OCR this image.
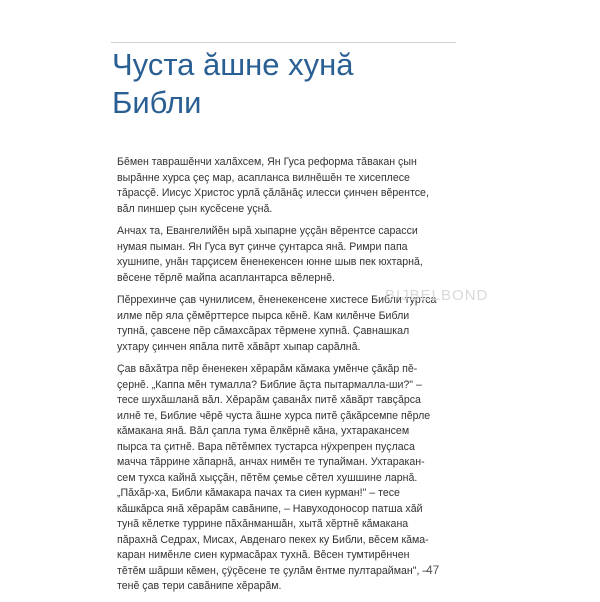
Чуста ăшне хунă
Библи
Бĕмен таврашĕнчи халăхсем, Ян Гуса реформа тăвакан çын
вырăнне хурса çеç мар, асапланса вилнĕшĕн те хисеплесе
тăрасçĕ. Иисус Христос урлă çăлăнăç илесси çинчен вĕрентсе,
вăл пиншер çын кусĕсене уçнă.
Анчах та, Евангелийĕн ырă хыпарне уççăн вĕрентсе сарасси
нумая пыман. Ян Гуса вут çинче çунтарса янă. Римри папа
хушнипе, унăн тарçисем ĕненекенсен юнне шыв пек юхтарнă,
вĕсене тĕрлĕ майпа асаплантарса вĕлернĕ.
Пĕррехинче çав чунилисем, ĕненекенсене хистесе Библи туртса
илме пĕр яла çĕмĕрттерсе пырса кĕнĕ. Кам килĕнче Библи
тупнă, çавсене пĕр сăмахсăрах тĕрмене хупнă. Çавнашкал
ухтару çинчен япăла питĕ хăвăрт хыпар сарăлнă.
Çав вăхăтра пĕр ĕненекен хĕрарăм кăмака умĕнче çăкăр пĕ-
çернĕ. „Каппа мĕн тумалла? Библие ăçта пытармалла-ши?" –
тесе шухăшланă вăл. Хĕрарăм çаванăх питĕ хăвăрт тавçăрса
илнĕ те, Библие чĕрĕ чуста ăшне хурса питĕ çăкăрсемпе пĕрле
кăмакана янă. Вăл çапла тума ĕлкĕрнĕ кăна, ухтаракансем
пырса та çитнĕ. Вара пĕтĕмпех тустарса нÿхрепрен пуçласа
мачча тăррине хăпарнă, анчах нимĕн те тупайман. Ухтаракан-
сем тухса кайнă хыççăн, пĕтĕм çемье сĕтел хушшине ларнă.
„Пăхăр-ха, Библи кăмакара пачах та сиен курман!" – тесе
кăшкăрса янă хĕрарăм савăнипе, – Навуходоносор патша хăй
тунă кĕлетке туррине пăхăнманшăн, хытă хĕртнĕ кăмакана
пăрахнă Седрах, Мисах, Авденаго пекех ку Библи, вĕсем кăма-
каран нимĕнле сиен курмасăрах тухнă. Вĕсен тумтирĕнчен
тĕтĕм шăрши кĕмен, çÿçĕсене те çулăм ĕнтме пултарайман", –
тенĕ çав тери савăнипе хĕрарăм.
BIJBELBOND
47
